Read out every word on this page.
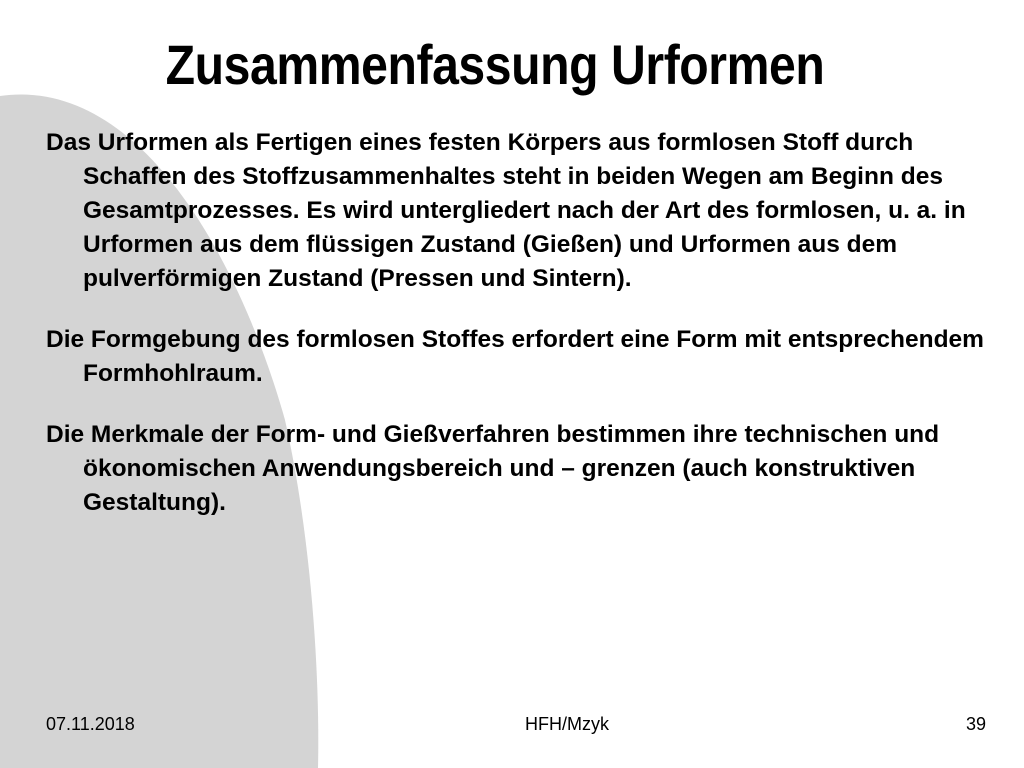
Zusammenfassung Urformen

Das Urformen als Fertigen eines festen Körpers aus formlosen Stoff durch Schaffen des Stoffzusammenhaltes steht in beiden Wegen am Beginn des Gesamtprozesses. Es wird untergliedert nach der Art des formlosen, u. a. in Urformen aus dem flüssigen Zustand (Gießen) und Urformen aus dem pulverförmigen Zustand (Pressen und Sintern).

Die Formgebung des formlosen Stoffes erfordert eine Form mit entsprechendem Formhohlraum.

Die Merkmale der Form- und Gießverfahren bestimmen ihre technischen und ökonomischen Anwendungsbereich und – grenzen (auch konstruktiven Gestaltung).

07.11.2018	HFH/Mzyk	39
